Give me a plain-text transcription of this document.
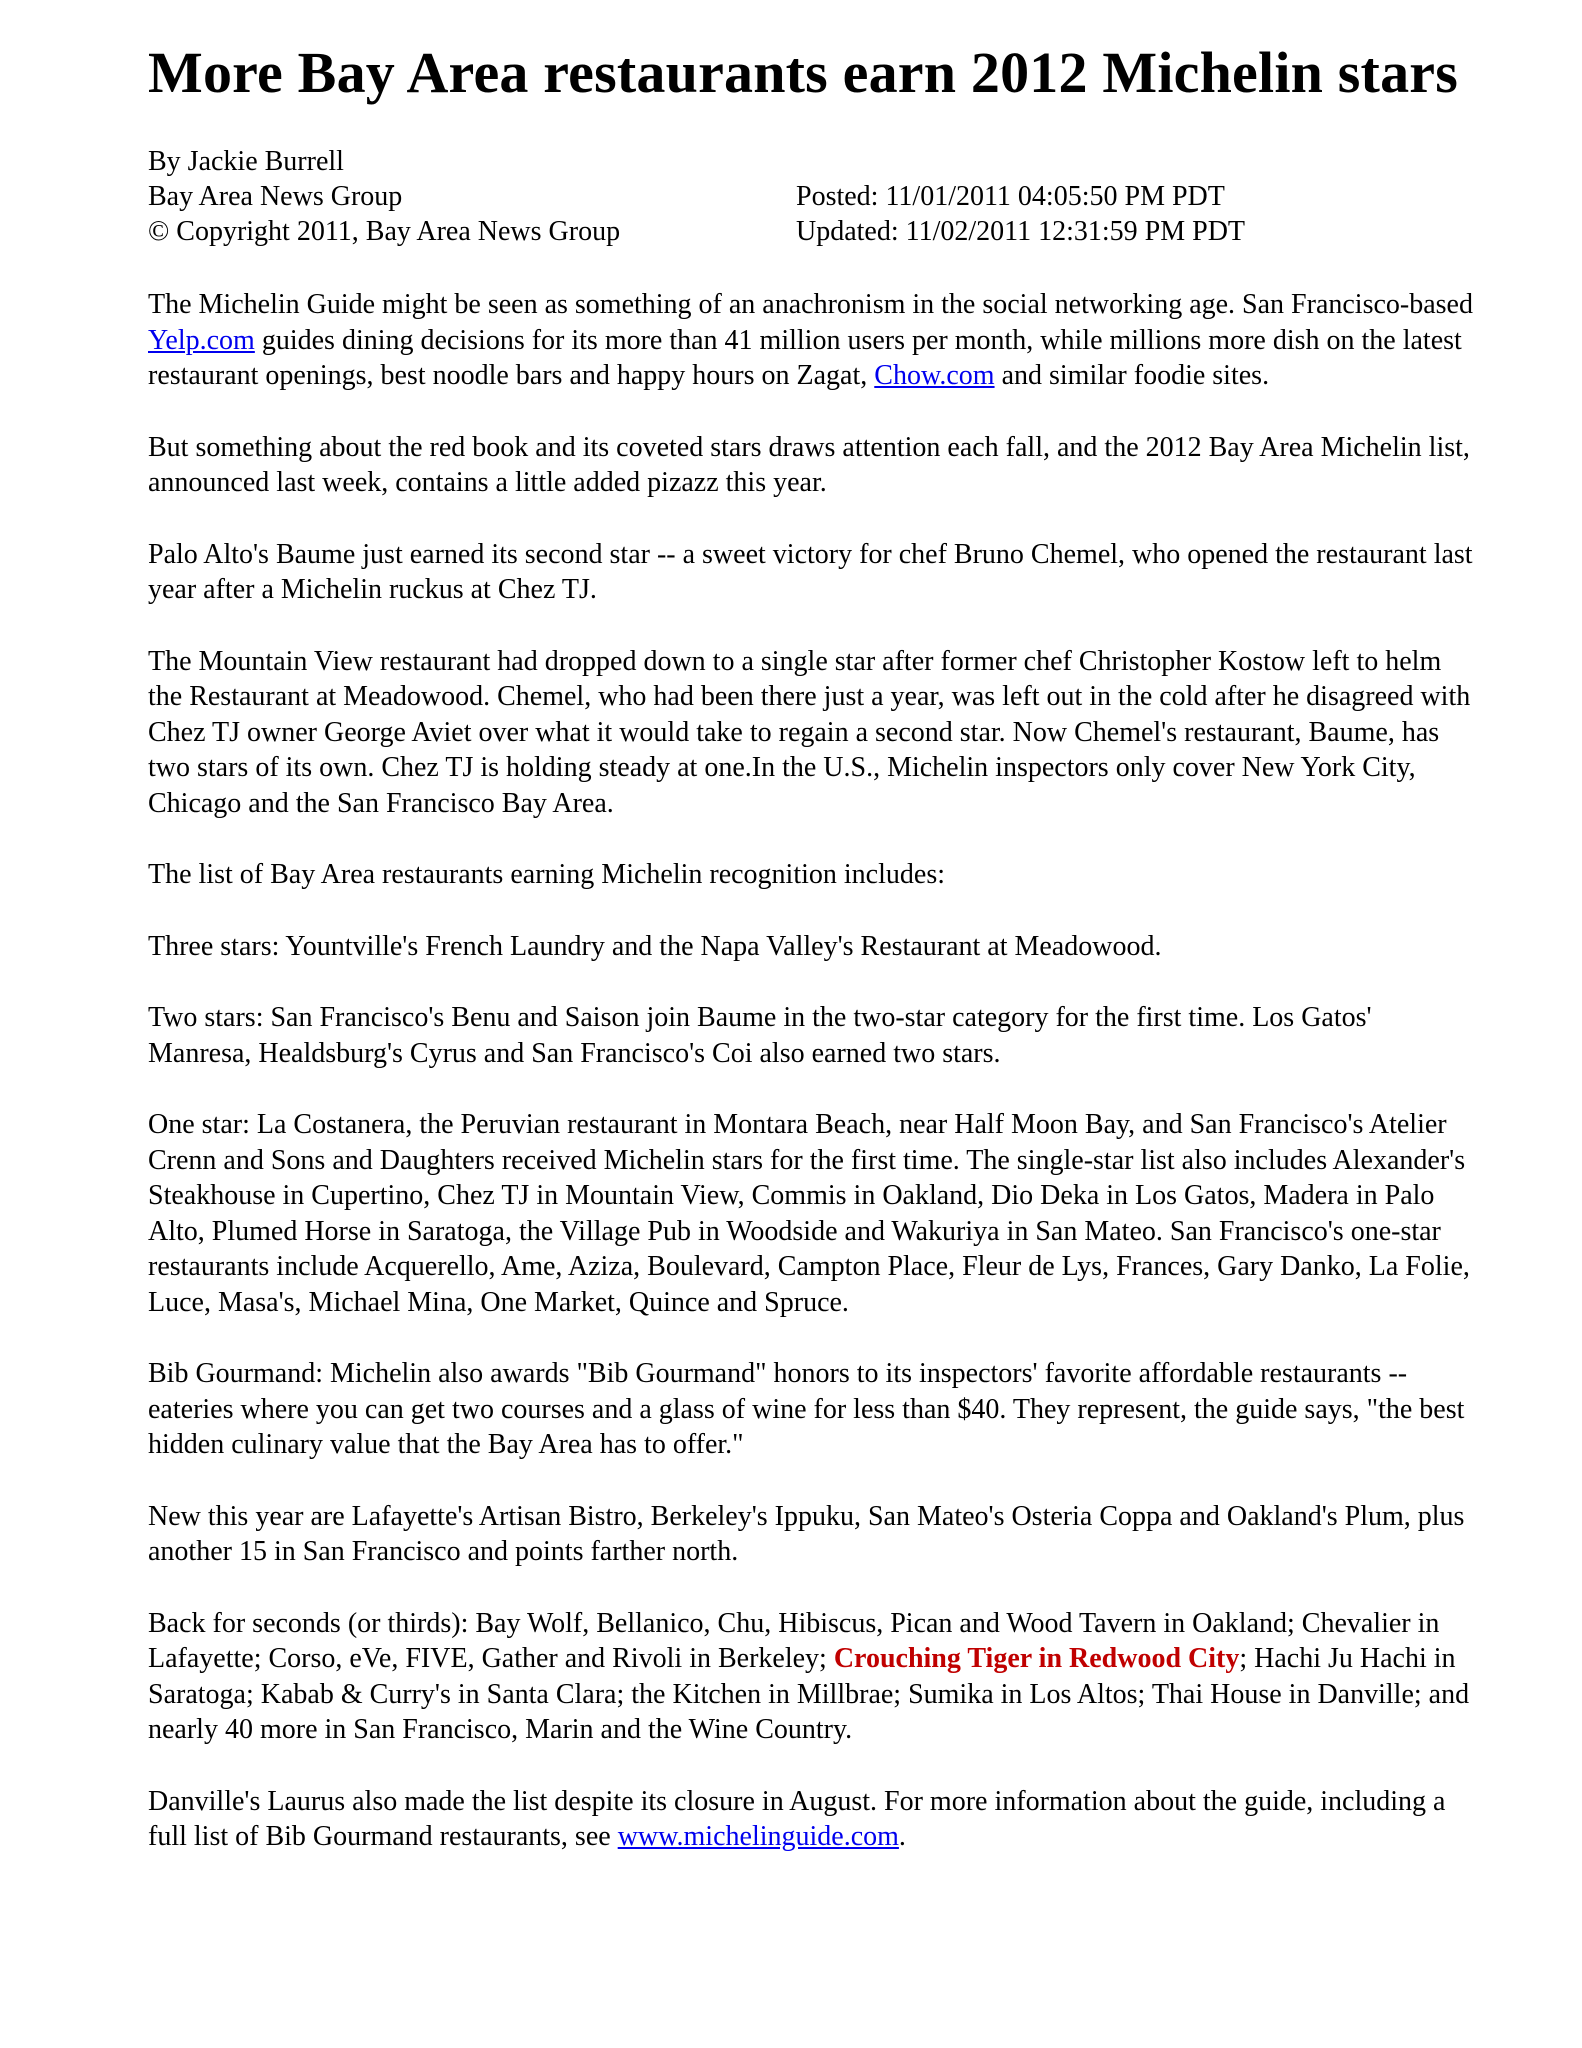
More Bay Area restaurants earn 2012 Michelin stars
By Jackie Burrell
Bay Area News Group	Posted: 11/01/2011 04:05:50 PM PDT
© Copyright 2011, Bay Area News Group	Updated: 11/02/2011 12:31:59 PM PDT

The Michelin Guide might be seen as something of an anachronism in the social networking age. San Francisco-based Yelp.com guides dining decisions for its more than 41 million users per month, while millions more dish on the latest restaurant openings, best noodle bars and happy hours on Zagat, Chow.com and similar foodie sites.

But something about the red book and its coveted stars draws attention each fall, and the 2012 Bay Area Michelin list, announced last week, contains a little added pizazz this year.

Palo Alto's Baume just earned its second star -- a sweet victory for chef Bruno Chemel, who opened the restaurant last year after a Michelin ruckus at Chez TJ.

The Mountain View restaurant had dropped down to a single star after former chef Christopher Kostow left to helm the Restaurant at Meadowood. Chemel, who had been there just a year, was left out in the cold after he disagreed with Chez TJ owner George Aviet over what it would take to regain a second star. Now Chemel's restaurant, Baume, has two stars of its own. Chez TJ is holding steady at one.In the U.S., Michelin inspectors only cover New York City, Chicago and the San Francisco Bay Area.

The list of Bay Area restaurants earning Michelin recognition includes:

Three stars: Yountville's French Laundry and the Napa Valley's Restaurant at Meadowood.

Two stars: San Francisco's Benu and Saison join Baume in the two-star category for the first time. Los Gatos' Manresa, Healdsburg's Cyrus and San Francisco's Coi also earned two stars.

One star: La Costanera, the Peruvian restaurant in Montara Beach, near Half Moon Bay, and San Francisco's Atelier Crenn and Sons and Daughters received Michelin stars for the first time. The single-star list also includes Alexander's Steakhouse in Cupertino, Chez TJ in Mountain View, Commis in Oakland, Dio Deka in Los Gatos, Madera in Palo Alto, Plumed Horse in Saratoga, the Village Pub in Woodside and Wakuriya in San Mateo. San Francisco's one-star restaurants include Acquerello, Ame, Aziza, Boulevard, Campton Place, Fleur de Lys, Frances, Gary Danko, La Folie, Luce, Masa's, Michael Mina, One Market, Quince and Spruce.

Bib Gourmand: Michelin also awards "Bib Gourmand" honors to its inspectors' favorite affordable restaurants -- eateries where you can get two courses and a glass of wine for less than $40. They represent, the guide says, "the best hidden culinary value that the Bay Area has to offer."

New this year are Lafayette's Artisan Bistro, Berkeley's Ippuku, San Mateo's Osteria Coppa and Oakland's Plum, plus another 15 in San Francisco and points farther north.

Back for seconds (or thirds): Bay Wolf, Bellanico, Chu, Hibiscus, Pican and Wood Tavern in Oakland; Chevalier in Lafayette; Corso, eVe, FIVE, Gather and Rivoli in Berkeley; Crouching Tiger in Redwood City; Hachi Ju Hachi in Saratoga; Kabab & Curry's in Santa Clara; the Kitchen in Millbrae; Sumika in Los Altos; Thai House in Danville; and nearly 40 more in San Francisco, Marin and the Wine Country.

Danville's Laurus also made the list despite its closure in August. For more information about the guide, including a full list of Bib Gourmand restaurants, see www.michelinguide.com.
